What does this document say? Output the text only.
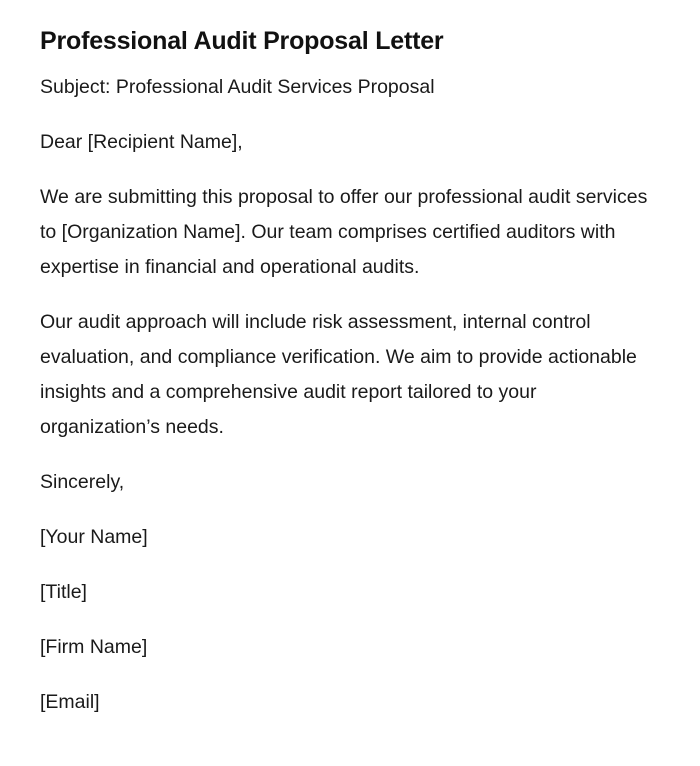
Professional Audit Proposal Letter

Subject: Professional Audit Services Proposal

Dear [Recipient Name],

We are submitting this proposal to offer our professional audit services to [Organization Name]. Our team comprises certified auditors with expertise in financial and operational audits.

Our audit approach will include risk assessment, internal control evaluation, and compliance verification. We aim to provide actionable insights and a comprehensive audit report tailored to your organization’s needs.

Sincerely,

[Your Name]

[Title]

[Firm Name]

[Email]
